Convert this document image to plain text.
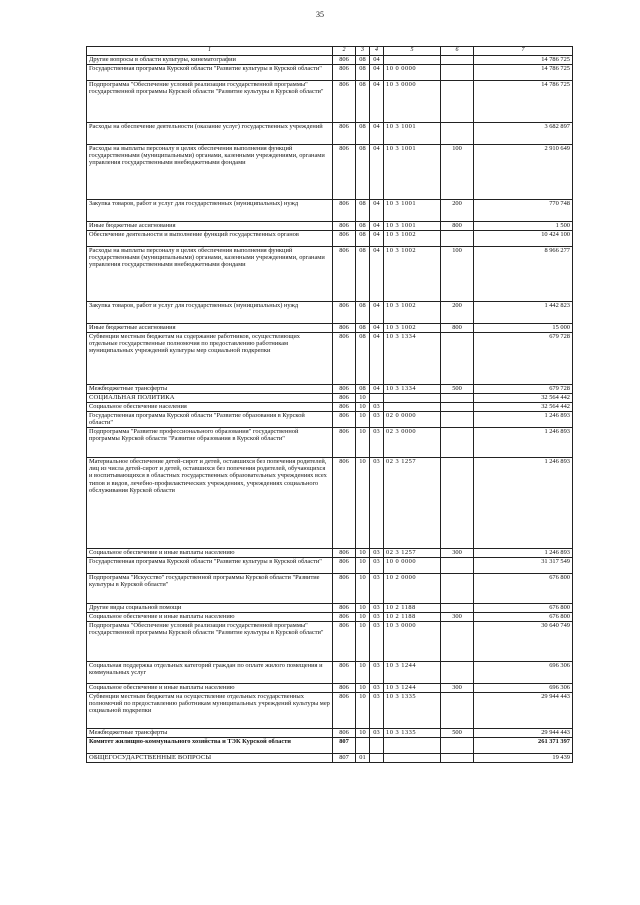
35
1	2	3	4	5	6	7
Другие вопросы в области культуры, кинематографии	806	08	04			14 786 725
Государственная программа Курской области "Развитие культуры в Курской области"	806	08	04	10 0 0000		14 786 725
Подпрограмма "Обеспечение условий реализации государственной программы" государственной программы Курской области "Развитие культуры в Курской области"	806	08	04	10 3 0000		14 786 725
Расходы на обеспечение деятельности (оказание услуг) государственных учреждений	806	08	04	10 3 1001		3 682 897
Расходы на выплаты персоналу в целях обеспечения выполнения функций государственными (муниципальными) органами, казенными учреждениями, органами управления государственными внебюджетными фондами	806	08	04	10 3 1001	100	2 910 649
Закупка товаров, работ и услуг для государственных (муниципальных) нужд	806	08	04	10 3 1001	200	770 748
Иные бюджетные ассигнования	806	08	04	10 3 1001	800	1 500
Обеспечение деятельности и выполнение функций государственных органов	806	08	04	10 3 1002		10 424 100
Расходы на выплаты персоналу в целях обеспечения выполнения функций государственными (муниципальными) органами, казенными учреждениями, органами управления государственными внебюджетными фондами	806	08	04	10 3 1002	100	8 966 277
Закупка товаров, работ и услуг для государственных (муниципальных) нужд	806	08	04	10 3 1002	200	1 442 823
Иные бюджетные ассигнования	806	08	04	10 3 1002	800	15 000
Субвенции местным бюджетам на содержание работников, осуществляющих отдельные государственные полномочия по предоставлению работникам муниципальных учреждений культуры мер социальной подкрепки	806	08	04	10 3 1334		679 728
Межбюджетные трансферты	806	08	04	10 3 1334	500	679 728
СОЦИАЛЬНАЯ ПОЛИТИКА	806	10				32 564 442
Социальное обеспечение населения	806	10	03			32 564 442
Государственная программа Курской области "Развитие образования в Курской области"	806	10	03	02 0 0000		1 246 893
Подпрограмма "Развитие профессионального образования" государственной программы Курской области "Развитие образования в Курской области"	806	10	03	02 3 0000		1 246 893
Материальное обеспечение детей-сирот и детей, оставшихся без попечения родителей, лиц из числа детей-сирот и детей, оставшихся без попечения родителей, обучающихся и воспитывающихся в областных государственных образовательных учреждениях всех типов и видов, лечебно-профилактических учреждениях, учреждениях социального обслуживания Курской области	806	10	03	02 3 1257		1 246 893
Социальное обеспечение и иные выплаты населению	806	10	03	02 3 1257	300	1 246 893
Государственная программа Курской области "Развитие культуры в Курской области"	806	10	03	10 0 0000		31 317 549
Подпрограмма "Искусство" государственной программы Курской области "Развитие культуры в Курской области"	806	10	03	10 2 0000		676 800
Другие виды социальной помощи	806	10	03	10 2 1188		676 800
Социальное обеспечение и иные выплаты населению	806	10	03	10 2 1188	300	676 800
Подпрограмма "Обеспечение условий реализации государственной программы" государственной программы Курской области "Развитие культуры в Курской области"	806	10	03	10 3 0000		30 640 749
Социальная поддержка отдельных категорий граждан по оплате жилого помещения и коммунальных услуг	806	10	03	10 3 1244		696 306
Социальное обеспечение и иные выплаты населению	806	10	03	10 3 1244	300	696 306
Субвенции местным бюджетам на осуществление отдельных государственных полномочий по предоставлению работникам муниципальных учреждений культуры мер социальной подкрепки	806	10	03	10 3 1335		29 944 443
Межбюджетные трансферты	806	10	03	10 3 1335	500	29 944 443
Комитет жилищно-коммунального хозяйства и ТЭК Курской области	807					261 371 397
ОБЩЕГОСУДАРСТВЕННЫЕ ВОПРОСЫ	807	01				19 439
